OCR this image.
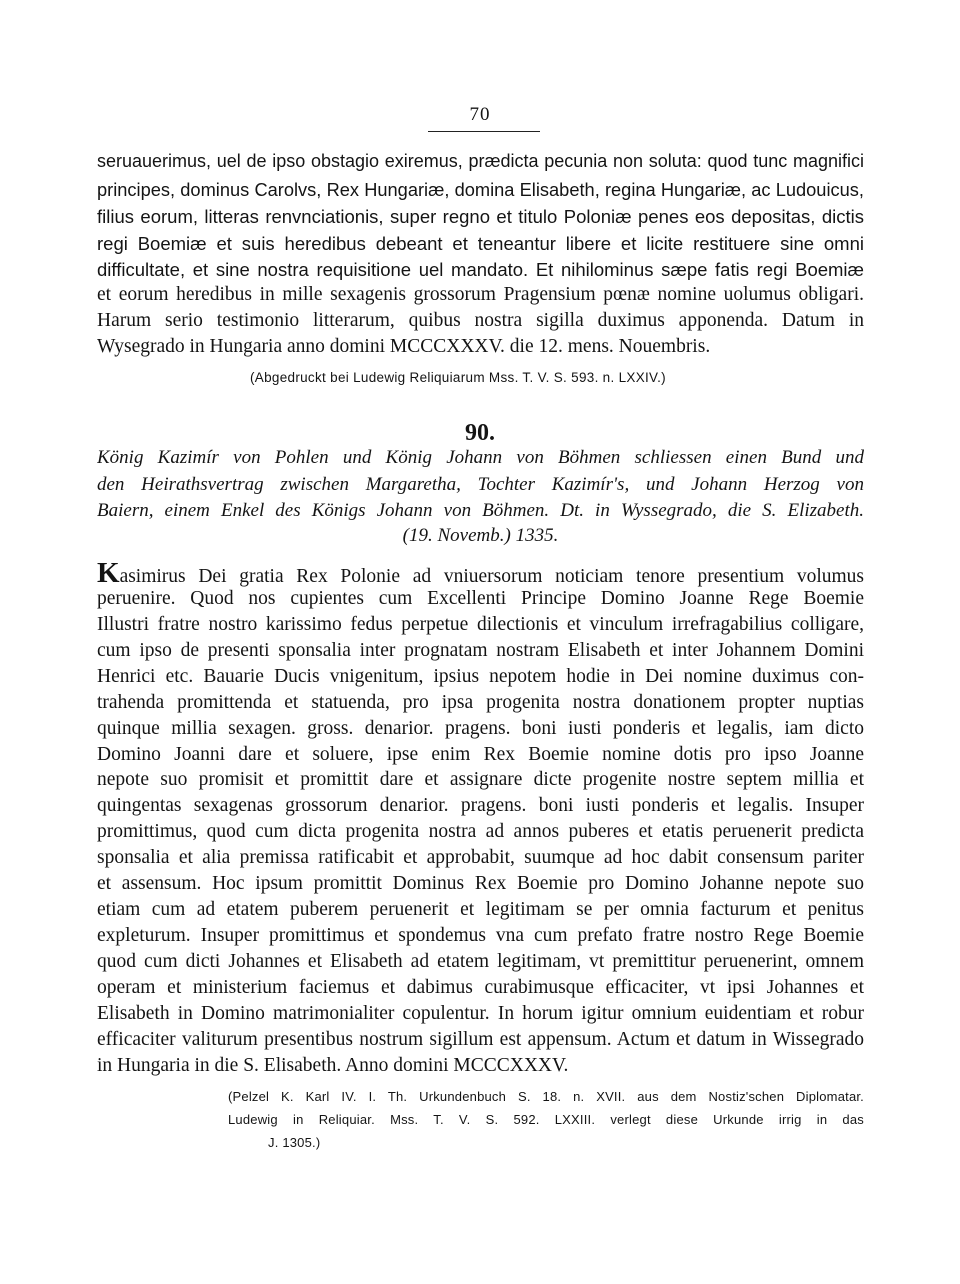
70
seruauerimus, uel de ipso obstagio exiremus, prædicta pecunia non soluta: quod tunc magnifici
principes, dominus Carolvs, Rex Hungariæ, domina Elisabeth, regina Hungariæ, ac Ludouicus,
filius eorum, litteras renvnciationis, super regno et titulo Poloniæ penes eos depositas, dictis
regi Boemiæ et suis heredibus debeant et teneantur libere et licite restituere sine omni
difficultate, et sine nostra requisitione uel mandato. Et nihilominus sæpe fatis regi Boemiæ
et eorum heredibus in mille sexagenis grossorum Pragensium pœnæ nomine uolumus obligari.
Harum serio testimonio litterarum, quibus nostra sigilla duximus apponenda. Datum in
Wysegrado in Hungaria anno domini MCCCXXXV. die 12. mens. Nouembris.
(Abgedruckt bei Ludewig Reliquiarum Mss. T. V. S. 593. n. LXXIV.)
90.
König Kazimír von Pohlen und König Johann von Böhmen schliessen einen Bund und
den Heirathsvertrag zwischen Margaretha, Tochter Kazimír's, und Johann Herzog von
Baiern, einem Enkel des Königs Johann von Böhmen. Dt. in Wyssegrado, die S. Elizabeth.
(19. Novemb.) 1335.
Kasimirus Dei gratia Rex Polonie ad vniuersorum noticiam tenore presentium volumus
peruenire. Quod nos cupientes cum Excellenti Principe Domino Joanne Rege Boemie
Illustri fratre nostro karissimo fedus perpetue dilectionis et vinculum irrefragabilius colligare,
cum ipso de presenti sponsalia inter prognatam nostram Elisabeth et inter Johannem Domini
Henrici etc. Bauarie Ducis vnigenitum, ipsius nepotem hodie in Dei nomine duximus con-
trahenda promittenda et statuenda, pro ipsa progenita nostra donationem propter nuptias
quinque millia sexagen. gross. denarior. pragens. boni iusti ponderis et legalis, iam dicto
Domino Joanni dare et soluere, ipse enim Rex Boemie nomine dotis pro ipso Joanne
nepote suo promisit et promittit dare et assignare dicte progenite nostre septem millia et
quingentas sexagenas grossorum denarior. pragens. boni iusti ponderis et legalis. Insuper
promittimus, quod cum dicta progenita nostra ad annos puberes et etatis peruenerit predicta
sponsalia et alia premissa ratificabit et approbabit, suumque ad hoc dabit consensum pariter
et assensum. Hoc ipsum promittit Dominus Rex Boemie pro Domino Johanne nepote suo
etiam cum ad etatem puberem peruenerit et legitimam se per omnia facturum et penitus
expleturum. Insuper promittimus et spondemus vna cum prefato fratre nostro Rege Boemie
quod cum dicti Johannes et Elisabeth ad etatem legitimam, vt premittitur peruenerint, omnem
operam et ministerium faciemus et dabimus curabimusque efficaciter, vt ipsi Johannes et
Elisabeth in Domino matrimonialiter copulentur. In horum igitur omnium euidentiam et robur
efficaciter valiturum presentibus nostrum sigillum est appensum. Actum et datum in Wissegrado
in Hungaria in die S. Elisabeth. Anno domini MCCCXXXV.
(Pelzel K. Karl IV. I. Th. Urkundenbuch S. 18. n. XVII. aus dem Nostiz'schen Diplomatar.
Ludewig in Reliquiar. Mss. T. V. S. 592. LXXIII. verlegt diese Urkunde irrig in das
J. 1305.)
